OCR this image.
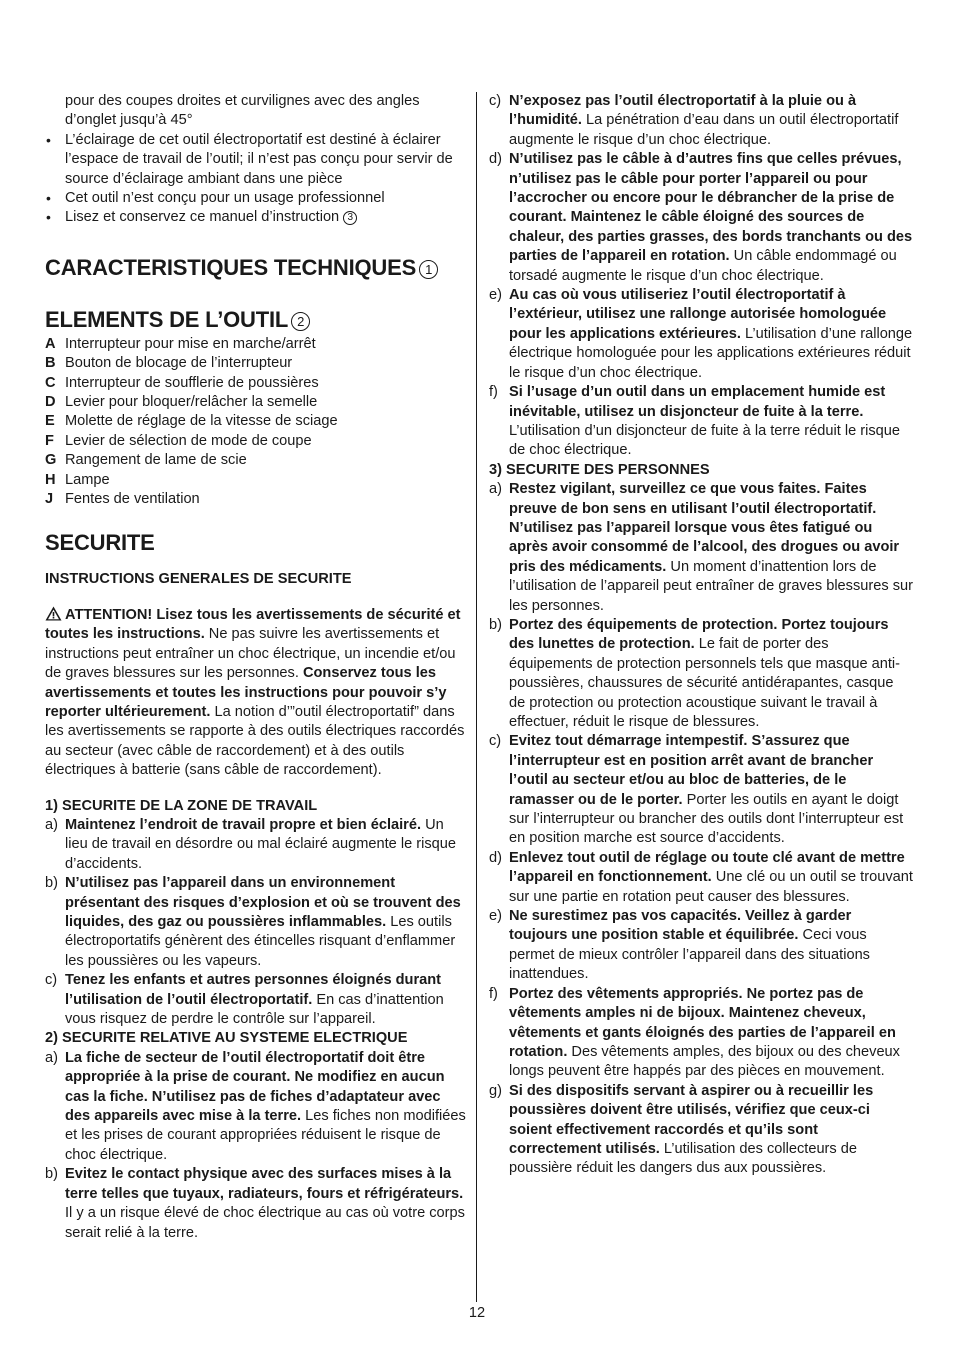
pour des coupes droites et curvilignes avec des angles d’onglet jusqu’à 45°

• L’éclairage de cet outil électroportatif est destiné à éclairer l’espace de travail de l’outil; il n’est pas conçu pour servir de source d’éclairage ambiant dans une pièce
• Cet outil n’est conçu pour un usage professionnel
• Lisez et conservez ce manuel d’instruction 3
CARACTERISTIQUES TECHNIQUES 1
ELEMENTS DE L’OUTIL 2
A Interrupteur pour mise en marche/arrêt
B Bouton de blocage de l’interrupteur
C Interrupteur de soufflerie de poussières
D Levier pour bloquer/relâcher la semelle
E Molette de réglage de la vitesse de sciage
F Levier de sélection de mode de coupe
G Rangement de lame de scie
H Lampe
J Fentes de ventilation
SECURITE
INSTRUCTIONS GENERALES DE SECURITE

ATTENTION! Lisez tous les avertissements de sécurité et toutes les instructions. Ne pas suivre les avertissements et instructions peut entraîner un choc électrique, un incendie et/ou de graves blessures sur les personnes. Conservez tous les avertissements et toutes les instructions pour pouvoir s’y reporter ultérieurement. La notion d’”outil électroportatif” dans les avertissements se rapporte à des outils électriques raccordés au secteur (avec câble de raccordement) et à des outils électriques à batterie (sans câble de raccordement).

1) SECURITE DE LA ZONE DE TRAVAIL
a) Maintenez l’endroit de travail propre et bien éclairé. Un lieu de travail en désordre ou mal éclairé augmente le risque d’accidents.
b) N’utilisez pas l’appareil dans un environnement présentant des risques d’explosion et où se trouvent des liquides, des gaz ou poussières inflammables. Les outils électroportatifs génèrent des étincelles risquant d’enflammer les poussières ou les vapeurs.
c) Tenez les enfants et autres personnes éloignés durant l’utilisation de l’outil électroportatif. En cas d’inattention vous risquez de perdre le contrôle sur l’appareil.
2) SECURITE RELATIVE AU SYSTEME ELECTRIQUE
a) La fiche de secteur de l’outil électroportatif doit être appropriée à la prise de courant. Ne modifiez en aucun cas la fiche. N’utilisez pas de fiches d’adaptateur avec des appareils avec mise à la terre. Les fiches non modifiées et les prises de courant appropriées réduisent le risque de choc électrique.
b) Evitez le contact physique avec des surfaces mises à la terre telles que tuyaux, radiateurs, fours et réfrigérateurs. Il y a un risque élevé de choc électrique au cas où votre corps serait relié à la terre.
c) N’exposez pas l’outil électroportatif à la pluie ou à l’humidité. La pénétration d’eau dans un outil électroportatif augmente le risque d’un choc électrique.
d) N’utilisez pas le câble à d’autres fins que celles prévues, n’utilisez pas le câble pour porter l’appareil ou pour l’accrocher ou encore pour le débrancher de la prise de courant. Maintenez le câble éloigné des sources de chaleur, des parties grasses, des bords tranchants ou des parties de l’appareil en rotation. Un câble endommagé ou torsadé augmente le risque d’un choc électrique.
e) Au cas où vous utiliseriez l’outil électroportatif à l’extérieur, utilisez une rallonge autorisée homologuée pour les applications extérieures. L’utilisation d’une rallonge électrique homologuée pour les applications extérieures réduit le risque d’un choc électrique.
f) Si l’usage d’un outil dans un emplacement humide est inévitable, utilisez un disjoncteur de fuite à la terre. L’utilisation d’un disjoncteur de fuite à la terre réduit le risque de choc électrique.
3) SECURITE DES PERSONNES
a) Restez vigilant, surveillez ce que vous faites. Faites preuve de bon sens en utilisant l’outil électroportatif. N’utilisez pas l’appareil lorsque vous êtes fatigué ou après avoir consommé de l’alcool, des drogues ou avoir pris des médicaments. Un moment d’inattention lors de l’utilisation de l’appareil peut entraîner de graves blessures sur les personnes.
b) Portez des équipements de protection. Portez toujours des lunettes de protection. Le fait de porter des équipements de protection personnels tels que masque anti-poussières, chaussures de sécurité antidérapantes, casque de protection ou protection acoustique suivant le travail à effectuer, réduit le risque de blessures.
c) Evitez tout démarrage intempestif. S’assurez que l’interrupteur est en position arrêt avant de brancher l’outil au secteur et/ou au bloc de batteries, de le ramasser ou de le porter. Porter les outils en ayant le doigt sur l’interrupteur ou brancher des outils dont l’interrupteur est en position marche est source d’accidents.
d) Enlevez tout outil de réglage ou toute clé avant de mettre l’appareil en fonctionnement. Une clé ou un outil se trouvant sur une partie en rotation peut causer des blessures.
e) Ne surestimez pas vos capacités. Veillez à garder toujours une position stable et équilibrée. Ceci vous permet de mieux contrôler l’appareil dans des situations inattendues.
f) Portez des vêtements appropriés. Ne portez pas de vêtements amples ni de bijoux. Maintenez cheveux, vêtements et gants éloignés des parties de l’appareil en rotation. Des vêtements amples, des bijoux ou des cheveux longs peuvent être happés par des pièces en mouvement.
g) Si des dispositifs servant à aspirer ou à recueillir les poussières doivent être utilisés, vérifiez que ceux-ci soient effectivement raccordés et qu’ils sont correctement utilisés. L’utilisation des collecteurs de poussière réduit les dangers dus aux poussières.
12
